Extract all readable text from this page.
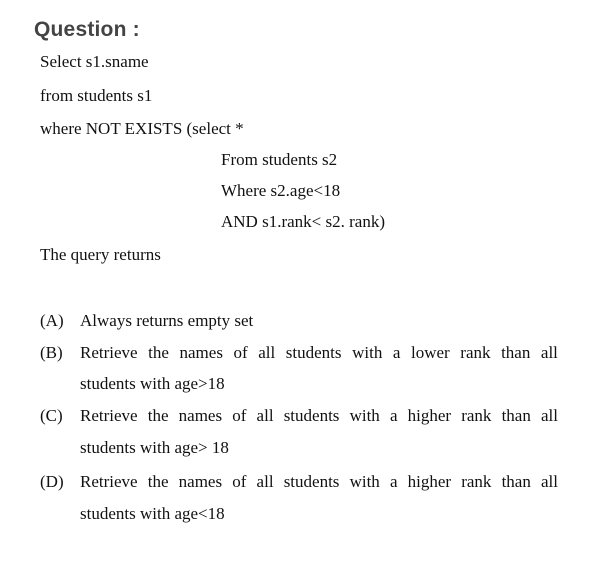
Question :
Select s1.sname
from students s1
where NOT EXISTS (select *
From students s2
Where s2.age<18
AND s1.rank< s2. rank)
The query returns
(A) Always returns empty set
(B) Retrieve the names of all students with a lower rank than all
students with age>18
(C) Retrieve the names of all students with a higher rank than all
students with age> 18
(D) Retrieve the names of all students with a higher rank than all
students with age<18
